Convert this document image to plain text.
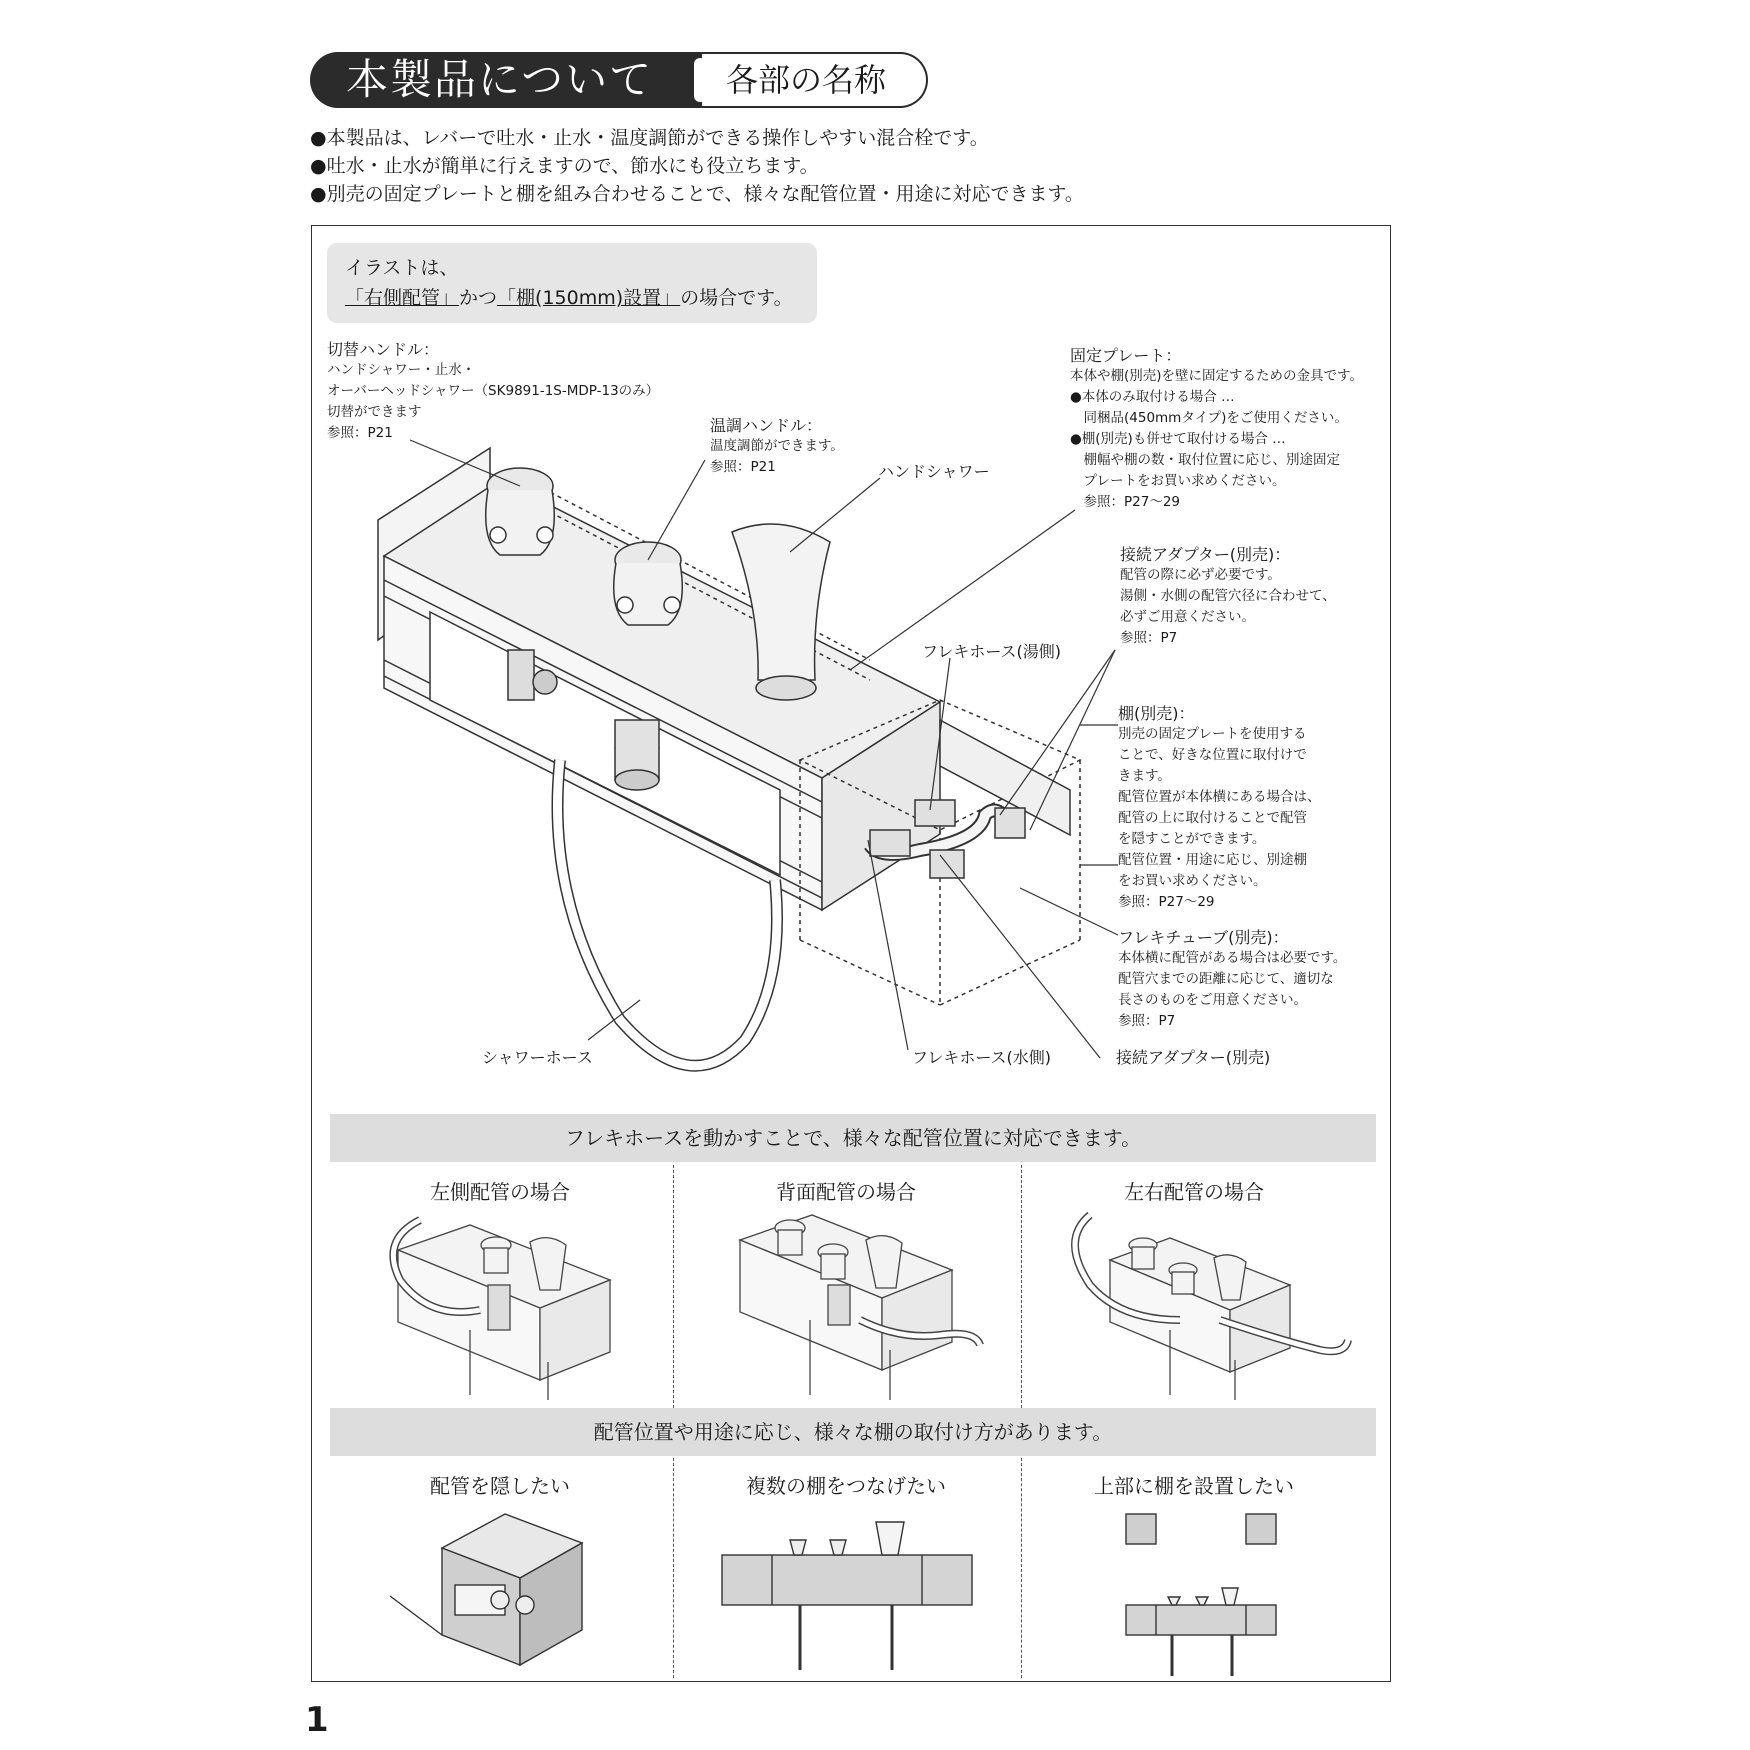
本製品について	各部の名称
●本製品は、レバーで吐水・止水・温度調節ができる操作しやすい混合栓です。
●吐水・止水が簡単に行えますので、節水にも役立ちます。
●別売の固定プレートと棚を組み合わせることで、様々な配管位置・用途に対応できます。
イラストは、
「右側配管」かつ「棚(150mm)設置」の場合です。
切替ハンドル：
ハンドシャワー・止水・
オーバーヘッドシャワー（SK9891-1S-MDP-13のみ）
切替ができます
参照：P21	温調ハンドル：
温度調節ができます。
参照：P21	ハンドシャワー
固定プレート：
本体や棚(別売)を壁に固定するための金具です。
●本体のみ取付ける場合 …
　同梱品(450mmタイプ)をご使用ください。
●棚(別売)も併せて取付ける場合 …
　棚幅や棚の数・取付位置に応じ、別途固定
　プレートをお買い求めください。
　参照：P27〜29
接続アダプター(別売)：
配管の際に必ず必要です。
湯側・水側の配管穴径に合わせて、
必ずご用意ください。
参照：P7
フレキホース(湯側)
棚(別売)：
別売の固定プレートを使用する
ことで、好きな位置に取付けで
きます。
配管位置が本体横にある場合は、
配管の上に取付けることで配管
を隠すことができます。
配管位置・用途に応じ、別途棚
をお買い求めください。
参照：P27〜29
フレキチューブ(別売)：
本体横に配管がある場合は必要です。
配管穴までの距離に応じて、適切な
長さのものをご用意ください。
参照：P7
シャワーホース	フレキホース(水側)	接続アダプター(別売)
フレキホースを動かすことで、様々な配管位置に対応できます。
左側配管の場合	背面配管の場合	左右配管の場合
配管位置や用途に応じ、様々な棚の取付け方があります。
配管を隠したい	複数の棚をつなげたい	上部に棚を設置したい
1
